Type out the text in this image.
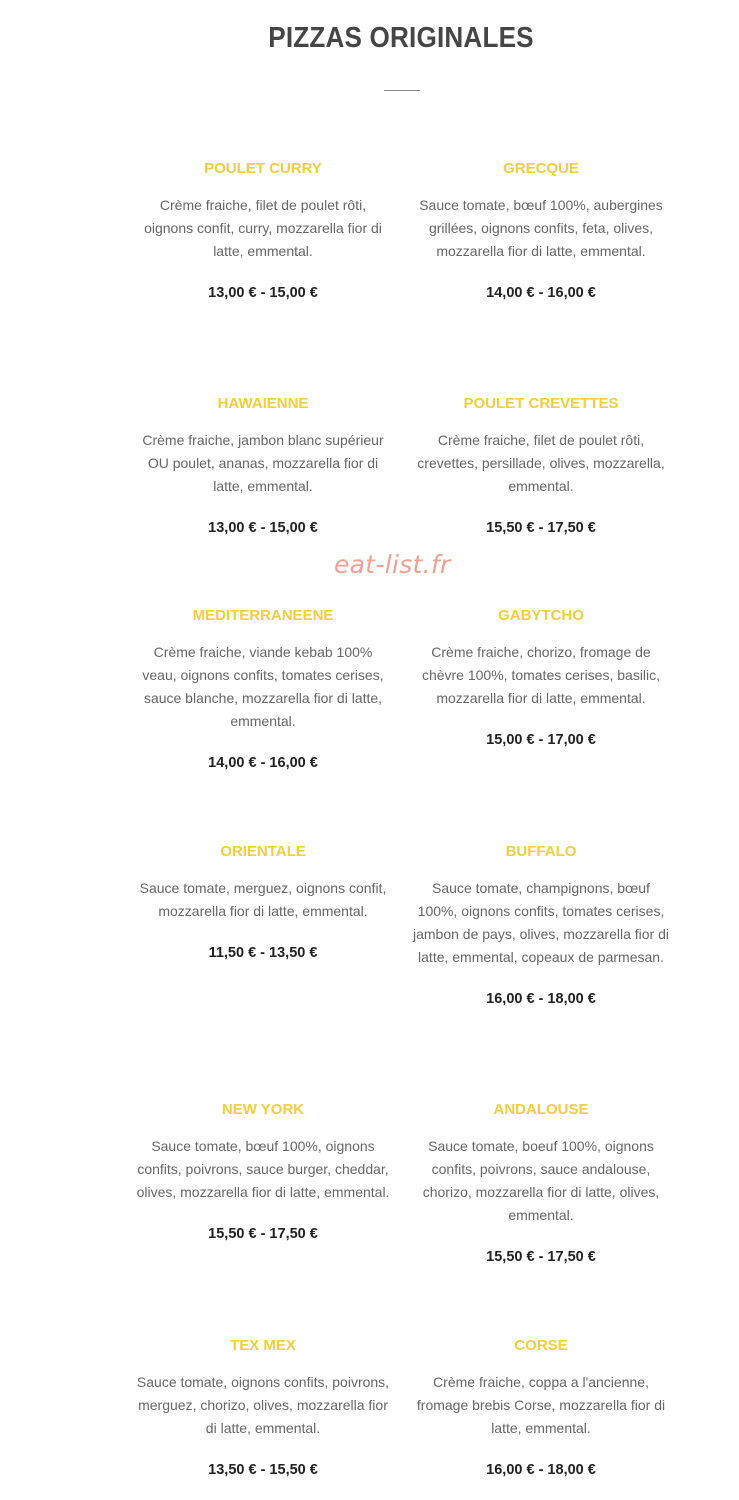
PIZZAS ORIGINALES
POULET CURRY
Crème fraiche, filet de poulet rôti, oignons confit, curry, mozzarella fior di latte, emmental.
13,00 € - 15,00 €
GRECQUE
Sauce tomate, bœuf 100%, aubergines grillées, oignons confits, feta, olives, mozzarella fior di latte, emmental.
14,00 € - 16,00 €
HAWAIENNE
Crème fraiche, jambon blanc supérieur OU poulet, ananas, mozzarella fior di latte, emmental.
13,00 € - 15,00 €
POULET CREVETTES
Crème fraiche, filet de poulet rôti, crevettes, persillade, olives, mozzarella, emmental.
15,50 € - 17,50 €
eat-list.fr
MEDITERRANEENE
Crème fraiche, viande kebab 100% veau, oignons confits, tomates cerises, sauce blanche, mozzarella fior di latte, emmental.
14,00 € - 16,00 €
GABYTCHO
Crème fraiche, chorizo, fromage de chèvre 100%, tomates cerises, basilic, mozzarella fior di latte, emmental.
15,00 € - 17,00 €
ORIENTALE
Sauce tomate, merguez, oignons confit, mozzarella fior di latte, emmental.
11,50 € - 13,50 €
BUFFALO
Sauce tomate, champignons, bœuf 100%, oignons confits, tomates cerises, jambon de pays, olives, mozzarella fior di latte, emmental, copeaux de parmesan.
16,00 € - 18,00 €
NEW YORK
Sauce tomate, bœuf 100%, oignons confits, poivrons, sauce burger, cheddar, olives, mozzarella fior di latte, emmental.
15,50 € - 17,50 €
ANDALOUSE
Sauce tomate, boeuf 100%, oignons confits, poivrons, sauce andalouse, chorizo, mozzarella fior di latte, olives, emmental.
15,50 € - 17,50 €
TEX MEX
Sauce tomate, oignons confits, poivrons, merguez, chorizo, olives, mozzarella fior di latte, emmental.
13,50 € - 15,50 €
CORSE
Crème fraiche, coppa a l'ancienne, fromage brebis Corse, mozzarella fior di latte, emmental.
16,00 € - 18,00 €
